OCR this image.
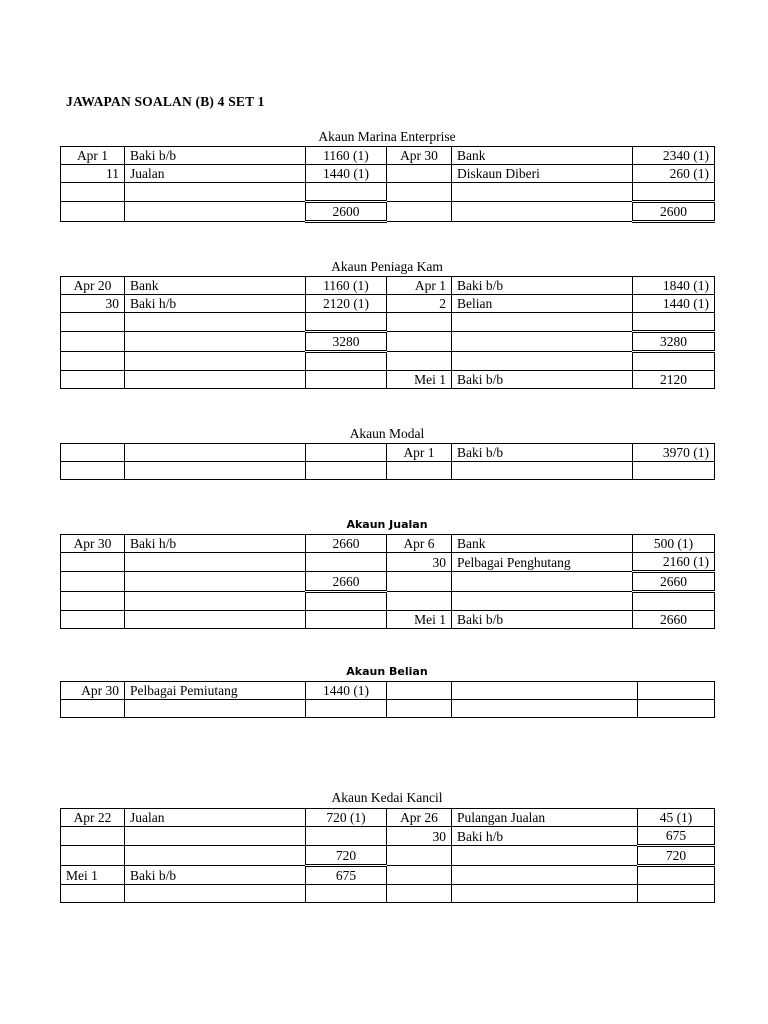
JAWAPAN SOALAN (B) 4 SET 1
Akaun Marina Enterprise
Apr 1	Baki b/b	1160 (1)	Apr 30	Bank	2340 (1)
11	Jualan	1440 (1)		Diskaun Diberi	260 (1)

		2600			2600
Akaun Peniaga Kam
Apr 20	Bank	1160 (1)	Apr 1	Baki b/b	1840 (1)
30	Baki h/b	2120 (1)	2	Belian	1440 (1)

		3280			3280

			Mei 1	Baki b/b	2120
Akaun Modal
			Apr 1	Baki b/b	3970 (1)

Akaun Jualan
Apr 30	Baki h/b	2660	Apr 6	Bank	500 (1)
			30	Pelbagai Penghutang	2160 (1)
		2660			2660

			Mei 1	Baki b/b	2660
Akaun Belian
Apr 30	Pelbagai Pemiutang	1440 (1)			

Akaun Kedai Kancil
Apr 22	Jualan	720 (1)	Apr 26	Pulangan Jualan	45 (1)
			30	Baki h/b	675
		720			720
Mei 1	Baki b/b	675			
